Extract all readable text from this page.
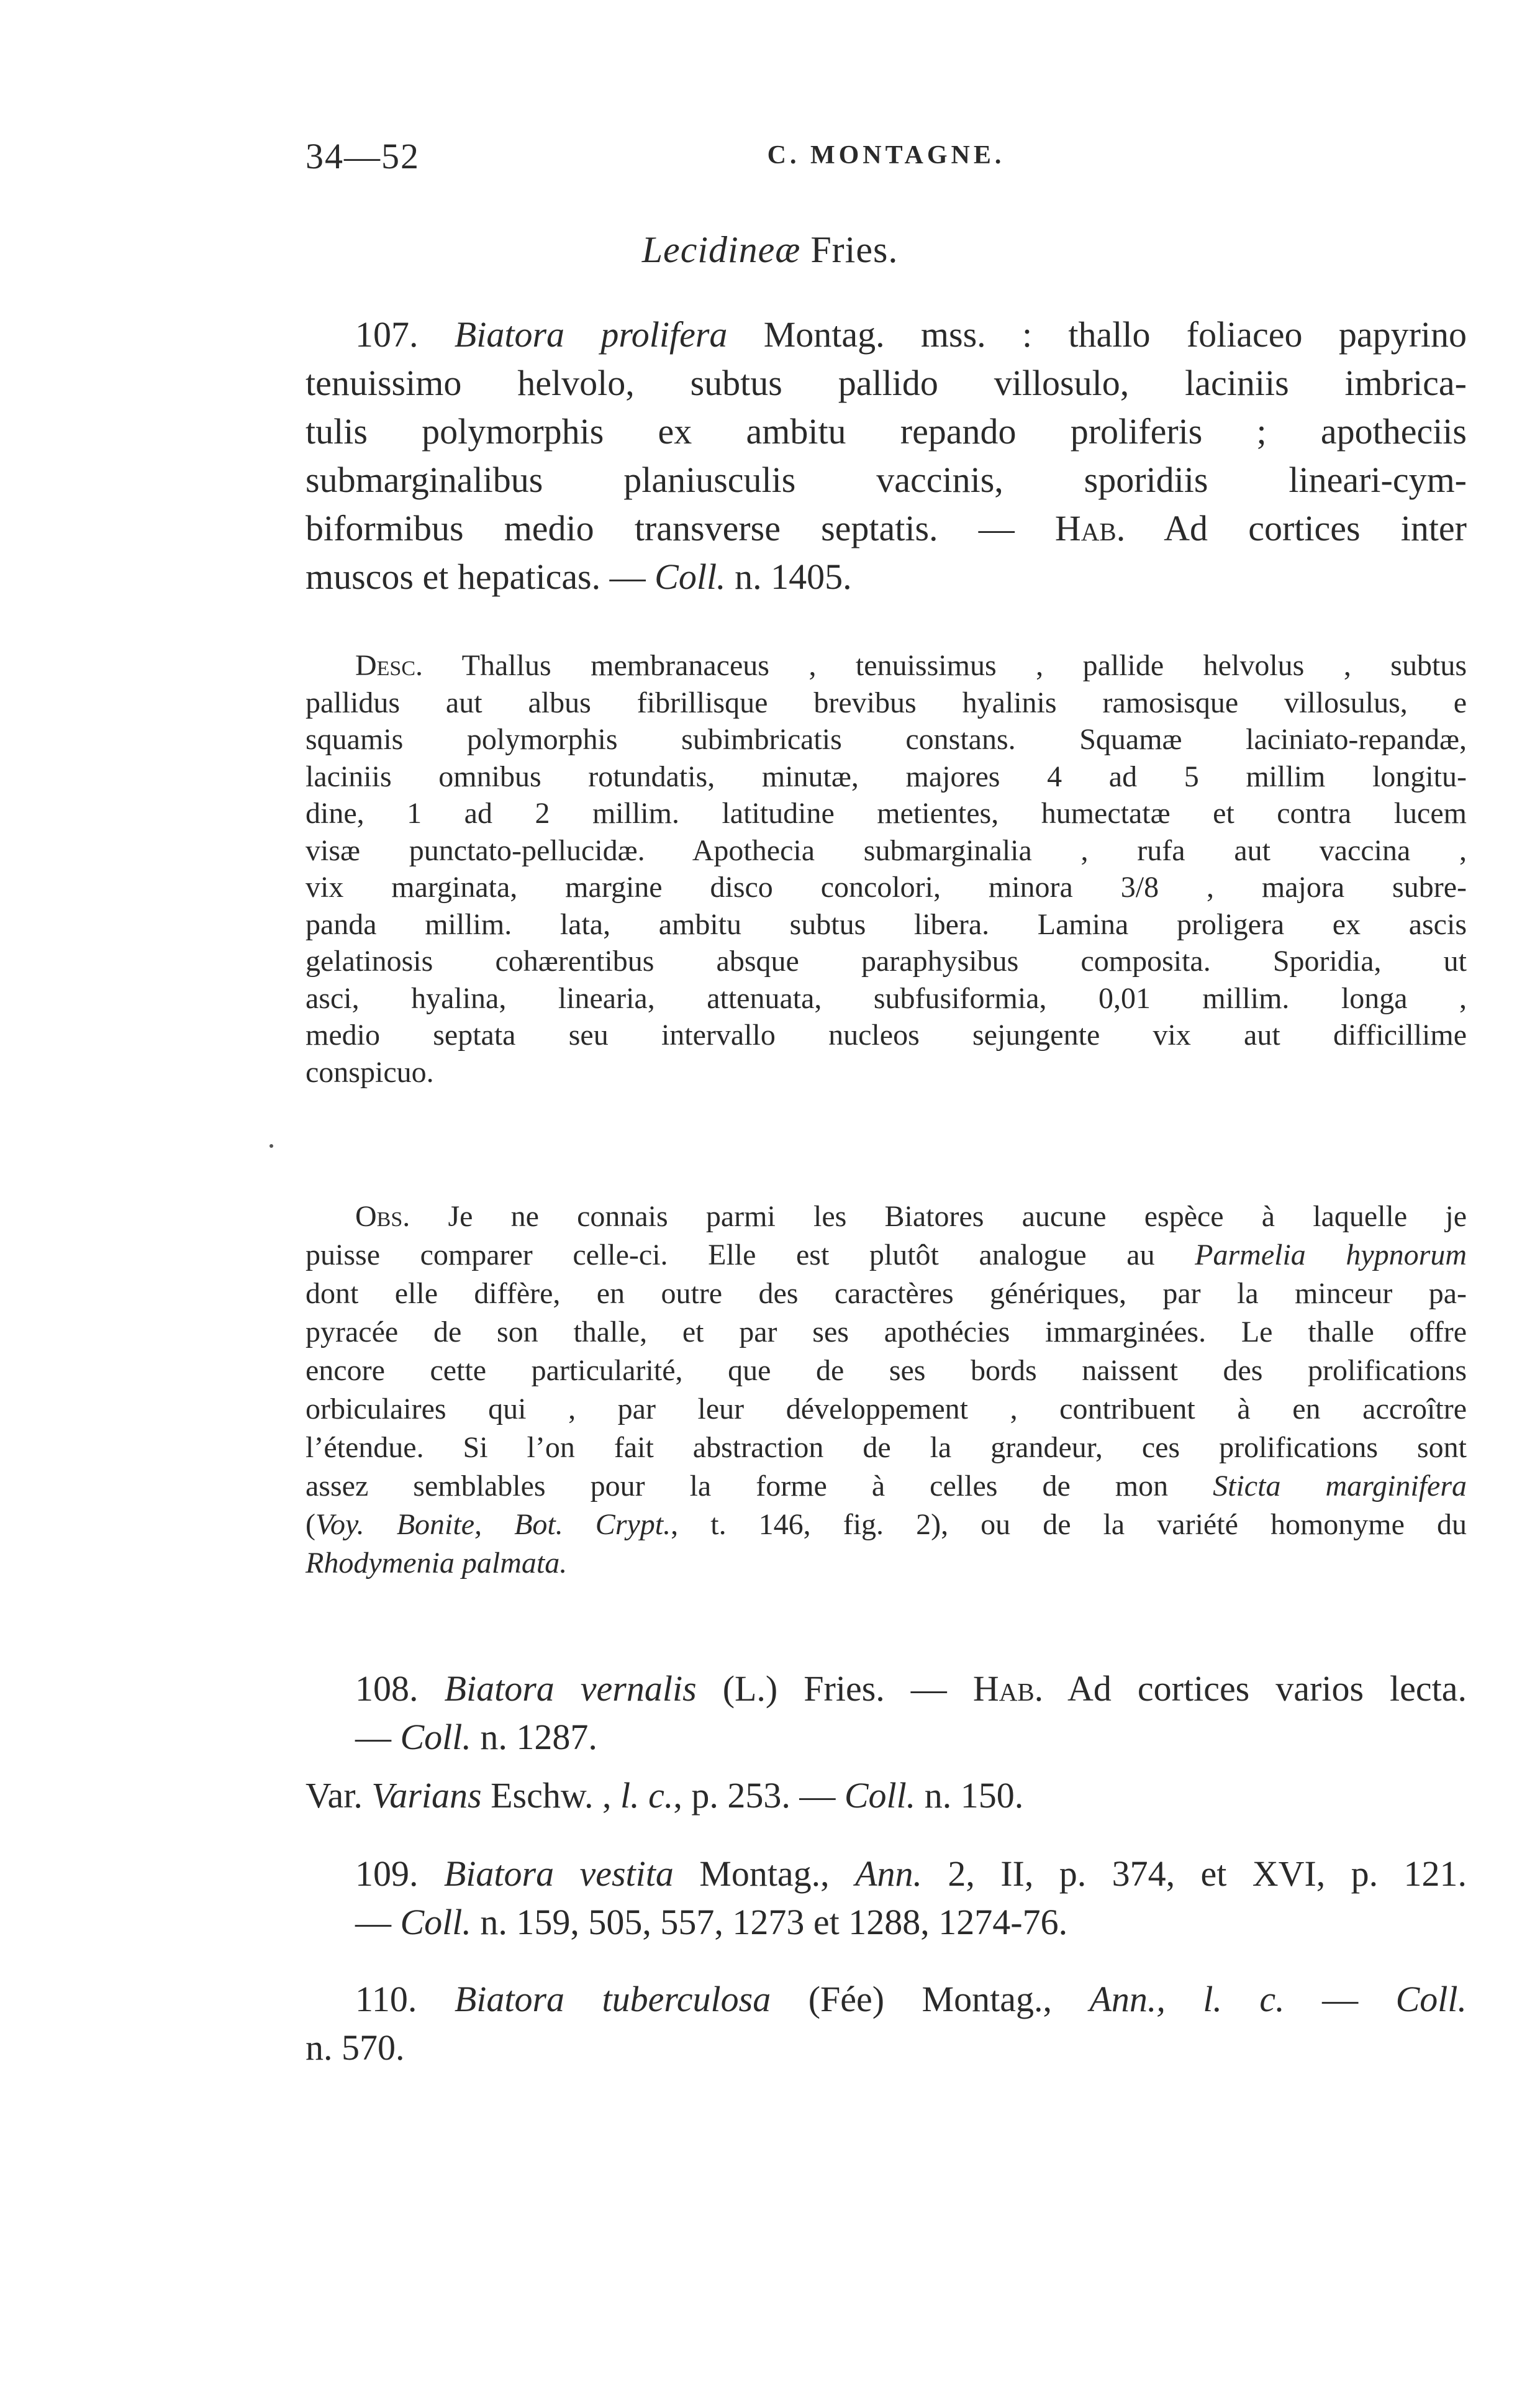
34—52	C. MONTAGNE.
Lecidineæ Fries.
107. Biatora prolifera Montag. mss. : thallo foliaceo papyrino
tenuissimo helvolo, subtus pallido villosulo, laciniis imbrica-
tulis polymorphis ex ambitu repando proliferis ; apotheciis
submarginalibus planiusculis vaccinis, sporidiis lineari-cym-
biformibus medio transverse septatis. — Hab. Ad cortices inter
muscos et hepaticas. — Coll. n. 1405.
Desc. Thallus membranaceus , tenuissimus , pallide helvolus , subtus
pallidus aut albus fibrillisque brevibus hyalinis ramosisque villosulus, e
squamis polymorphis subimbricatis constans. Squamæ laciniato-repandæ,
laciniis omnibus rotundatis, minutæ, majores 4 ad 5 millim longitu-
dine, 1 ad 2 millim. latitudine metientes, humectatæ et contra lucem
visæ punctato-pellucidæ. Apothecia submarginalia , rufa aut vaccina ,
vix marginata, margine disco concolori, minora 3/8 , majora subre-
panda millim. lata, ambitu subtus libera. Lamina proligera ex ascis
gelatinosis cohærentibus absque paraphysibus composita. Sporidia, ut
asci, hyalina, linearia, attenuata, subfusiformia, 0,01 millim. longa ,
medio septata seu intervallo nucleos sejungente vix aut difficillime
conspicuo.
Obs. Je ne connais parmi les Biatores aucune espèce à laquelle je
puisse comparer celle-ci. Elle est plutôt analogue au Parmelia hypnorum
dont elle diffère, en outre des caractères génériques, par la minceur pa-
pyracée de son thalle, et par ses apothécies immarginées. Le thalle offre
encore cette particularité, que de ses bords naissent des prolifications
orbiculaires qui , par leur développement , contribuent à en accroître
l’étendue. Si l’on fait abstraction de la grandeur, ces prolifications sont
assez semblables pour la forme à celles de mon Sticta marginifera
(Voy. Bonite, Bot. Crypt., t. 146, fig. 2), ou de la variété homonyme du
Rhodymenia palmata.
108. Biatora vernalis (L.) Fries. — Hab. Ad cortices varios lecta.
— Coll. n. 1287.
Var. Varians Eschw. , l. c., p. 253. — Coll. n. 150.
109. Biatora vestita Montag., Ann. 2, II, p. 374, et XVI, p. 121.
— Coll. n. 159, 505, 557, 1273 et 1288, 1274-76.
110. Biatora tuberculosa (Fée) Montag., Ann., l. c. — Coll.
n. 570.
